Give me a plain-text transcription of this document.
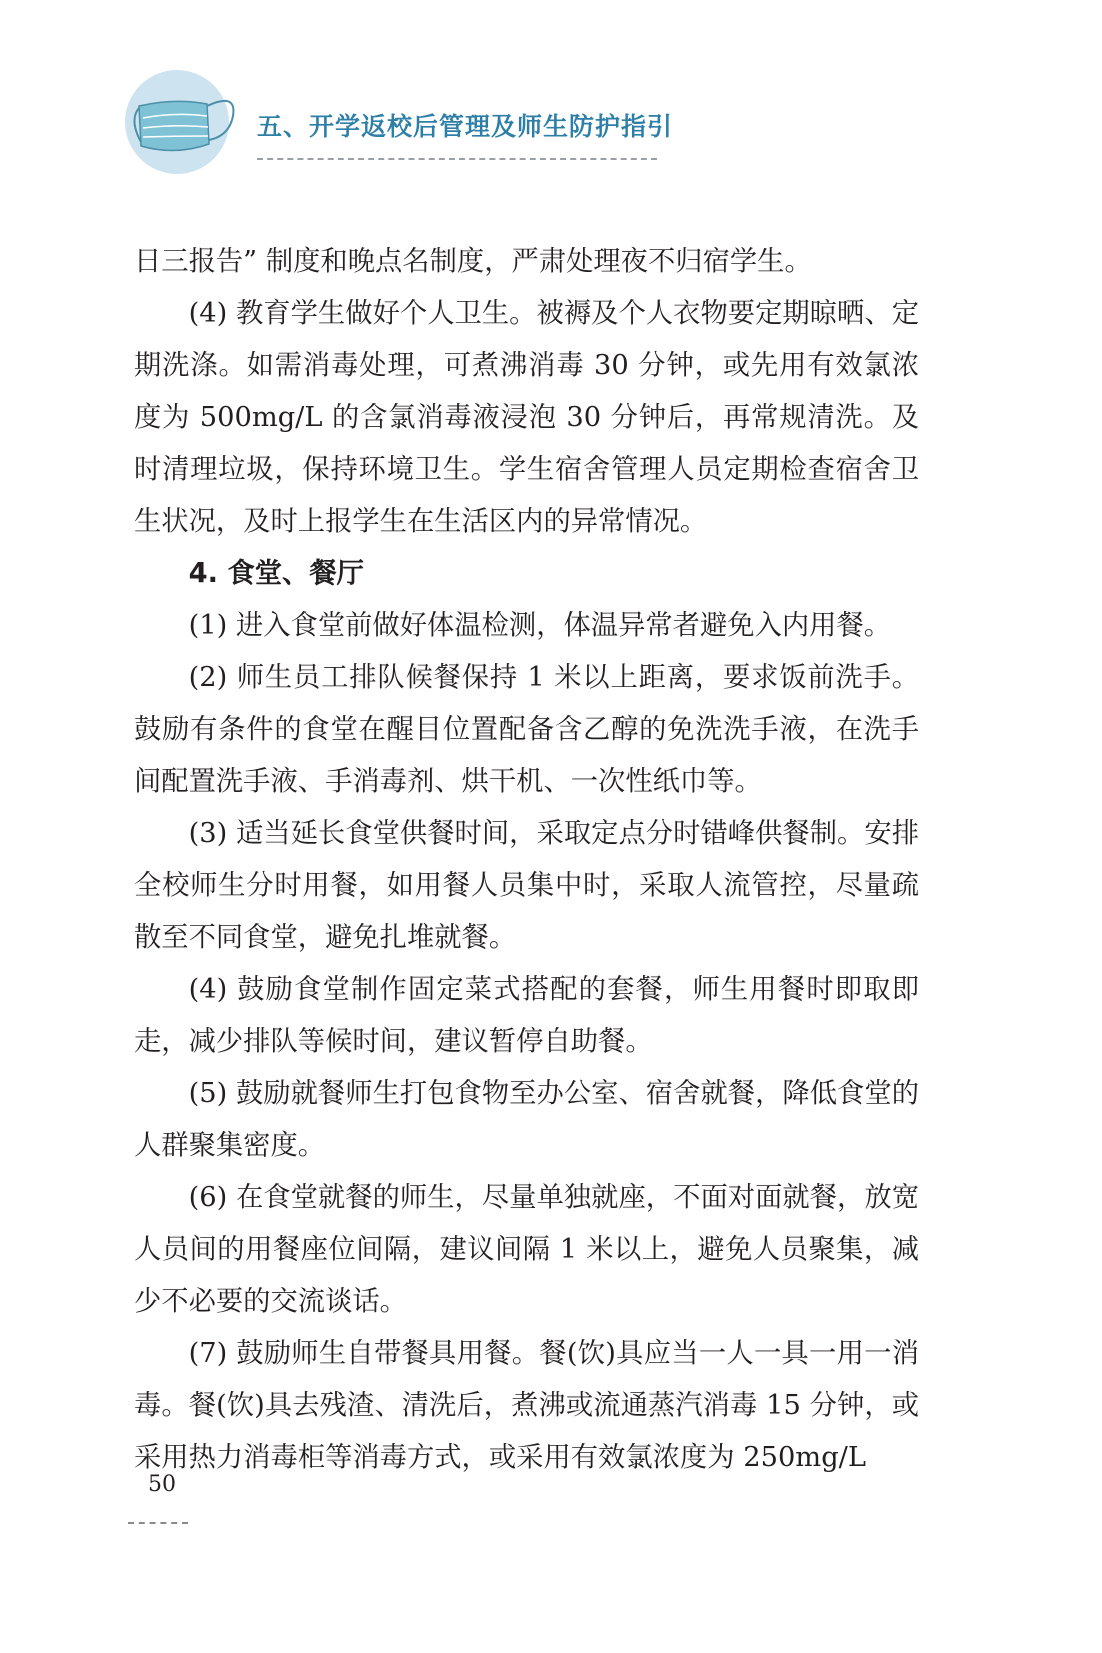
五、开学返校后管理及师生防护指引

日三报告” 制度和晚点名制度，严肃处理夜不归宿学生。

(4) 教育学生做好个人卫生。被褥及个人衣物要定期晾晒、定期洗涤。如需消毒处理，可煮沸消毒 30 分钟，或先用有效氯浓度为 500mg/L 的含氯消毒液浸泡 30 分钟后，再常规清洗。及时清理垃圾，保持环境卫生。学生宿舍管理人员定期检查宿舍卫生状况，及时上报学生在生活区内的异常情况。

4. 食堂、餐厅

(1) 进入食堂前做好体温检测，体温异常者避免入内用餐。

(2) 师生员工排队候餐保持 1 米以上距离，要求饭前洗手。鼓励有条件的食堂在醒目位置配备含乙醇的免洗洗手液，在洗手间配置洗手液、手消毒剂、烘干机、一次性纸巾等。

(3) 适当延长食堂供餐时间，采取定点分时错峰供餐制。安排全校师生分时用餐，如用餐人员集中时，采取人流管控，尽量疏散至不同食堂，避免扎堆就餐。

(4) 鼓励食堂制作固定菜式搭配的套餐，师生用餐时即取即走，减少排队等候时间，建议暂停自助餐。

(5) 鼓励就餐师生打包食物至办公室、宿舍就餐，降低食堂的人群聚集密度。

(6) 在食堂就餐的师生，尽量单独就座，不面对面就餐，放宽人员间的用餐座位间隔，建议间隔 1 米以上，避免人员聚集，减少不必要的交流谈话。

(7) 鼓励师生自带餐具用餐。餐(饮)具应当一人一具一用一消毒。餐(饮)具去残渣、清洗后，煮沸或流通蒸汽消毒 15 分钟，或采用热力消毒柜等消毒方式，或采用有效氯浓度为 250mg/L

50
